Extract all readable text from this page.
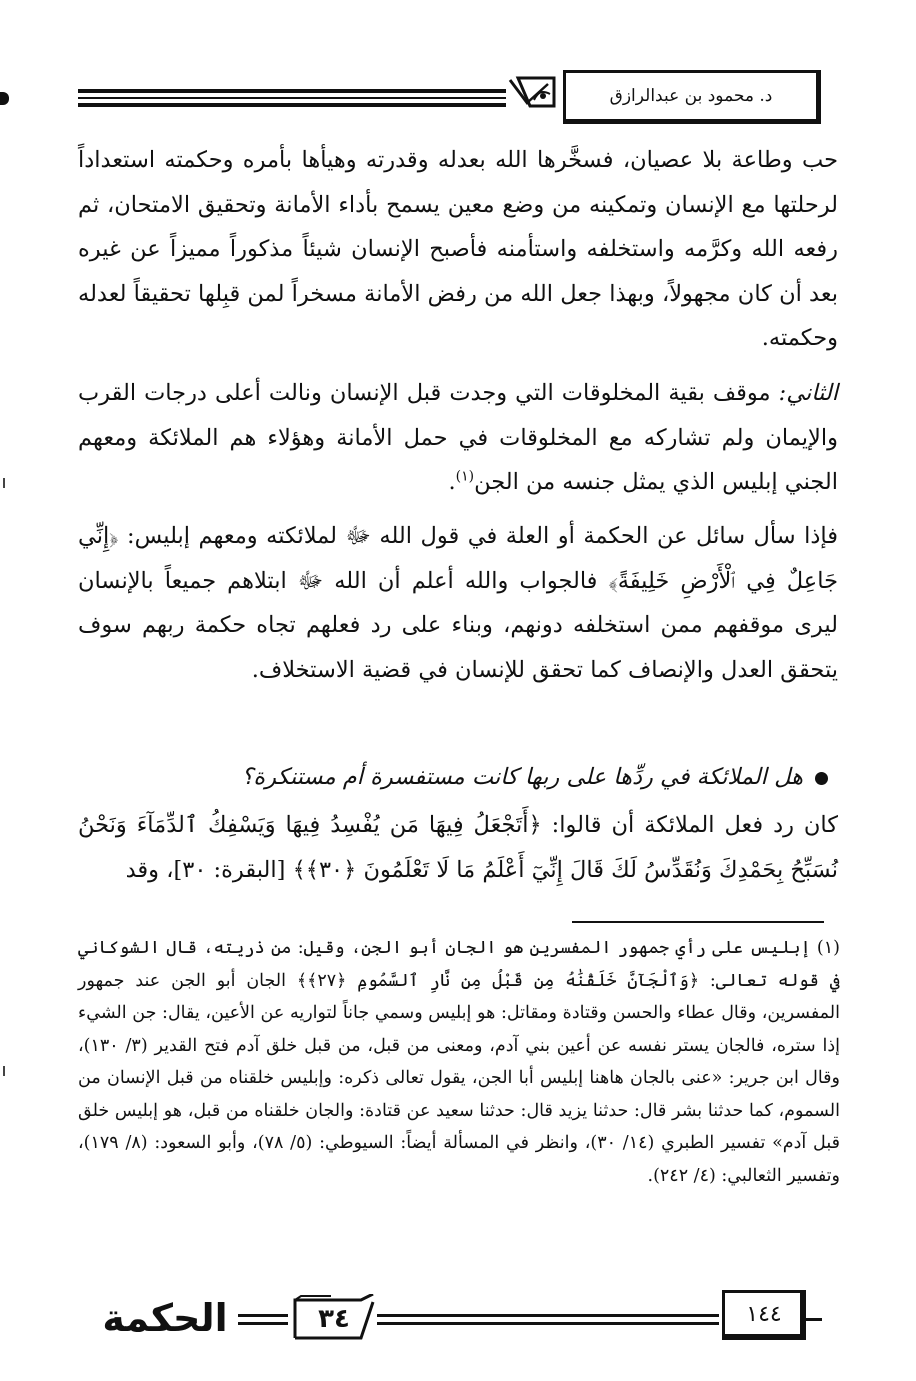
د. محمود بن عبدالرازق

حب وطاعة بلا عصيان، فسخَّرها الله بعدله وقدرته وهيأها بأمره وحكمته استعداداً لرحلتها مع الإنسان وتمكينه من وضع معين يسمح بأداء الأمانة وتحقيق الامتحان، ثم رفعه الله وكرَّمه واستخلفه واستأمنه فأصبح الإنسان شيئاً مذكوراً مميزاً عن غيره بعد أن كان مجهولاً، وبهذا جعل الله من رفض الأمانة مسخراً لمن قبِلها تحقيقاً لعدله وحكمته.

الثاني: موقف بقية المخلوقات التي وجدت قبل الإنسان ونالت أعلى درجات القرب والإيمان ولم تشاركه مع المخلوقات في حمل الأمانة وهؤلاء هم الملائكة ومعهم الجني إبليس الذي يمثل جنسه من الجن$^{(١)}$.

فإذا سأل سائل عن الحكمة أو العلة في قول الله ﷻ لملائكته ومعهم إبليس: ﴿إِنِّي جَاعِلٌ فِي ٱلْأَرْضِ خَلِيفَةً﴾ فالجواب والله أعلم أن الله ﷻ ابتلاهم جميعاً بالإنسان ليرى موقفهم ممن استخلفه دونهم، وبناء على رد فعلهم تجاه حكمة ربهم سوف يتحقق العدل والإنصاف كما تحقق للإنسان في قضية الاستخلاف.

هل الملائكة في ردِّها على ربها كانت مستفسرة أم مستنكرة؟

كان رد فعل الملائكة أن قالوا: ﴿أَتَجْعَلُ فِيهَا مَن يُفْسِدُ فِيهَا وَيَسْفِكُ ٱلدِّمَآءَ وَنَحْنُ نُسَبِّحُ بِحَمْدِكَ وَنُقَدِّسُ لَكَ قَالَ إِنِّيٓ أَعْلَمُ مَا لَا تَعْلَمُونَ ﴿٣٠﴾﴾ [البقرة: ٣٠]، وقد

(١) إبليس على رأي جمهور المفسرين هو الجان أبو الجن، وقيل: من ذريته، قال الشوكاني في قوله تعالى: ﴿وَٱلْجَآنَّ خَلَقْنَٰهُ مِن قَبْلُ مِن نَّارِ ٱلسَّمُومِ ﴿٢٧﴾﴾ الجان أبو الجن عند جمهور المفسرين، وقال عطاء والحسن وقتادة ومقاتل: هو إبليس وسمي جاناً لتواريه عن الأعين، يقال: جن الشيء إذا ستره، فالجان يستر نفسه عن أعين بني آدم، ومعنى من قبل، من قبل خلق آدم فتح القدير (٣/ ١٣٠)، وقال ابن جرير: «عنى بالجان هاهنا إبليس أبا الجن، يقول تعالى ذكره: وإبليس خلقناه من قبل الإنسان من السموم، كما حدثنا بشر قال: حدثنا يزيد قال: حدثنا سعيد عن قتادة: والجان خلقناه من قبل، هو إبليس خلق قبل آدم» تفسير الطبري (١٤/ ٣٠)، وانظر في المسألة أيضاً: السيوطي: (٥/ ٧٨)، وأبو السعود: (٨/ ١٧٩)، وتفسير الثعالبي: (٤/ ٢٤٢).

الحكمة	٣٤	١٤٤
